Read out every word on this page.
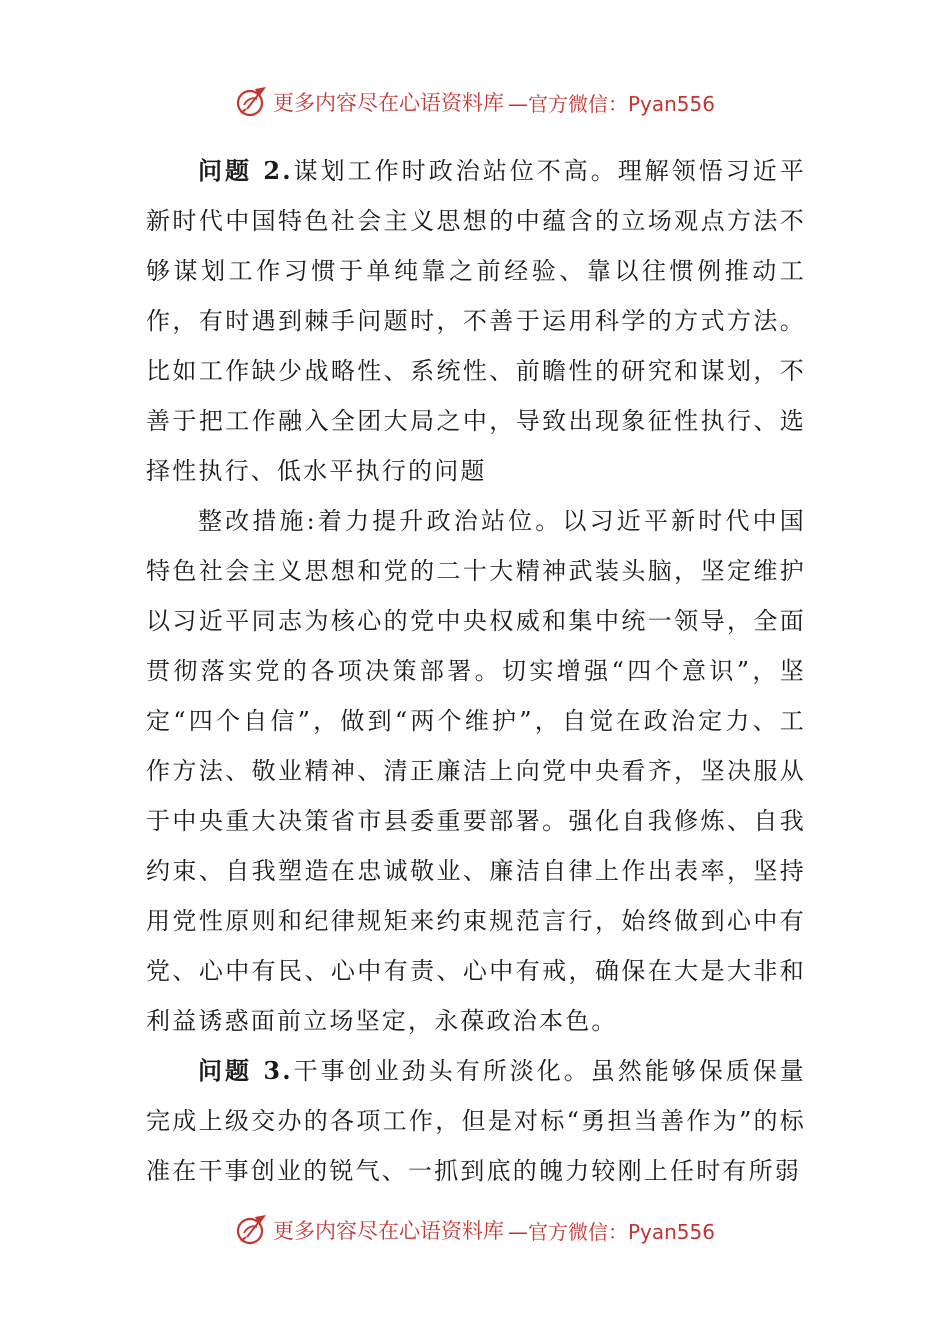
更多内容尽在心语资料库 —官方微信：Pyan556

问题 2.谋划工作时政治站位不高。理解领悟习近平新时代中国特色社会主义思想的中蕴含的立场观点方法不够谋划工作习惯于单纯靠之前经验、靠以往惯例推动工作，有时遇到棘手问题时，不善于运用科学的方式方法。比如工作缺少战略性、系统性、前瞻性的研究和谋划，不善于把工作融入全团大局之中，导致出现象征性执行、选择性执行、低水平执行的问题

整改措施:着力提升政治站位。以习近平新时代中国特色社会主义思想和党的二十大精神武装头脑，坚定维护以习近平同志为核心的党中央权威和集中统一领导，全面贯彻落实党的各项决策部署。切实增强“四个意识”，坚定“四个自信”，做到“两个维护”，自觉在政治定力、工作方法、敬业精神、清正廉洁上向党中央看齐，坚决服从于中央重大决策省市县委重要部署。强化自我修炼、自我约束、自我塑造在忠诚敬业、廉洁自律上作出表率，坚持用党性原则和纪律规矩来约束规范言行，始终做到心中有党、心中有民、心中有责、心中有戒，确保在大是大非和利益诱惑面前立场坚定，永葆政治本色。

问题 3.干事创业劲头有所淡化。虽然能够保质保量完成上级交办的各项工作，但是对标“勇担当善作为”的标准在干事创业的锐气、一抓到底的魄力较刚上任时有所弱

更多内容尽在心语资料库 —官方微信：Pyan556
